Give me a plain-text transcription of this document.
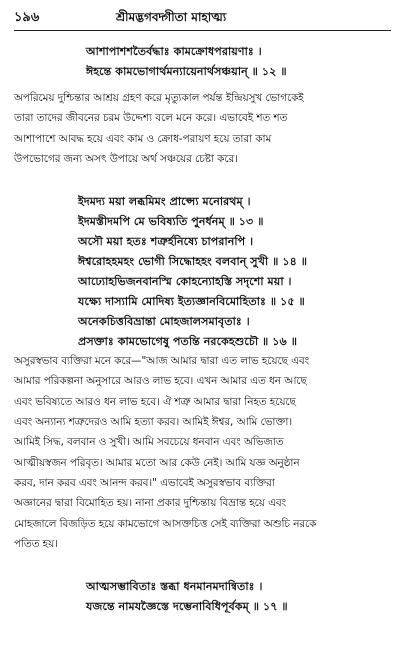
১৯৬	শ্রীমদ্ভগবদ্গীতা মাহাত্ম্য
আশাপাশশতৈর্বদ্ধাঃ কামক্রোধপরায়ণাঃ ।
ঈহন্তে কামভোগার্থমন্যায়েনার্থসঞ্চয়ান্‌ ॥ ১২ ॥

অপরিমেয় দুশ্চিন্তার আশ্রয় গ্রহণ করে মৃত্যুকাল পর্যন্ত ইন্দ্রিয়সুখ ভোগকেই
তারা তাদের জীবনের চরম উদ্দেশ্য বলে মনে করে। এভাবেই শত শত
আশাপাশে আবদ্ধ হয়ে এবং কাম ও ক্রোধ-পরায়ণ হয়ে তারা কাম
উপভোগের জন্য অসৎ উপায়ে অর্থ সঞ্চয়ের চেষ্টা করে।

ইদমদ্য ময়া লব্ধমিমং প্রাপ্স্যে মনোরথম্‌ ।
ইদমস্তীদমপি মে ভবিষ্যতি পুনর্ধনম্‌ ॥ ১৩ ॥
অসৌ ময়া হতঃ শত্রুর্হনিষ্যে চাপরানপি ।
ঈশ্বরোহহমহং ভোগী সিদ্ধোহহং বলবান্‌ সুখী ॥ ১৪ ॥
আঢ্যোহভিজনবানস্মি কোহন্যোহস্তি সদৃশো ময়া ।
যক্ষ্যে দাস্যামি মোদিষ্য ইত্যজ্ঞানবিমোহিতাঃ ॥ ১৫ ॥
অনেকচিত্তবিভ্রান্তা মোহজালসমাবৃতাঃ ।
প্রসক্তাঃ কামভোগেষু পতন্তি নরকেহশুচৌ ॥ ১৬ ॥

অসুরস্বভাব ব্যক্তিরা মনে করে—"আজ আমার দ্বারা এত লাভ হয়েছে এবং
আমার পরিকল্পনা অনুসারে আরও লাভ হবে। এখন আমার এত ধন আছে
এবং ভবিষ্যতে আরও ধন লাভ হবে। ঐ শত্রু আমার দ্বারা নিহত হয়েছে
এবং অন্যান্য শত্রুদেরও আমি হত্যা করব। আমিই ঈশ্বর, আমি ভোক্তা।
আমিই সিদ্ধ, বলবান ও সুখী। আমি সবচেয়ে ধনবান এবং অভিজাত
আত্মীয়স্বজন পরিবৃত। আমার মতো আর কেউ নেই। আমি যজ্ঞ অনুষ্ঠান
করব, দান করব এবং আনন্দ করব।" এভাবেই অসুরস্বভাব ব্যক্তিরা
অজ্ঞানের দ্বারা বিমোহিত হয়। নানা প্রকার দুশ্চিন্তায় বিভ্রান্ত হয়ে এবং
মোহজালে বিজড়িত হয়ে কামভোগে আসক্তচিত্ত সেই ব্যক্তিরা অশুচি নরকে
পতিত হয়।

আত্মসম্ভাবিতাঃ স্তব্ধা ধনমানমদান্বিতাঃ ।
যজন্তে নামযজ্ঞৈস্তে দম্ভেনাবিধিপূর্বকম্‌ ॥ ১৭ ॥
